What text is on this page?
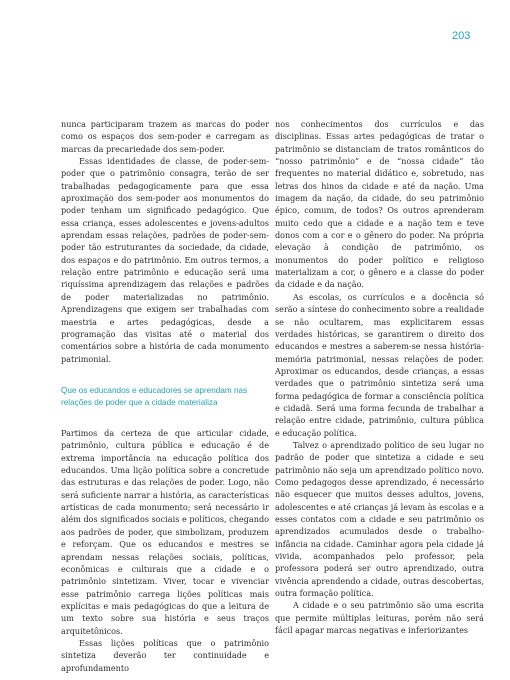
203

nunca participaram trazem as marcas do poder como os espaços dos sem-poder e carregam as marcas da precariedade dos sem-poder.

Essas identidades de classe, de poder-sem-poder que o patrimônio consagra, terão de ser trabalhadas pedagogicamente para que essa aproximação dos sem-poder aos monumentos do poder tenham um significado pedagógico. Que essa criança, esses adolescentes e jovens-adultos aprendam essas relações, padrões de poder-sem-poder tão estruturantes da sociedade, da cidade, dos espaços e do patrimônio. Em outros termos, a relação entre patrimônio e educação será uma riquíssima aprendizagem das relações e padrões de poder materializadas no patrimônio. Aprendizagens que exigem ser trabalhadas com maestria e artes pedagógicas, desde a programação das visitas até o material dos comentários sobre a história de cada monumento patrimonial.

Que os educandos e educadores se aprendam nas relações de poder que a cidade materializa

Partimos da certeza de que articular cidade, patrimônio, cultura pública e educação é de extrema importância na educação política dos educandos. Uma lição política sobre a concretude das estruturas e das relações de poder. Logo, não será suficiente narrar a história, as características artísticas de cada monumento; será necessário ir além dos significados sociais e políticos, chegando aos padrões de poder, que simbolizam, produzem e reforçam. Que os educandos e mestres se aprendam nessas relações sociais, políticas, econômicas e culturais que a cidade e o patrimônio sintetizam. Viver, tocar e vivenciar esse patrimônio carrega lições políticas mais explícitas e mais pedagógicas do que a leitura de um texto sobre sua história e seus traços arquitetônicos.

Essas lições políticas que o patrimônio sintetiza deverão ter continuidade e aprofundamento

nos conhecimentos dos currículos e das disciplinas. Essas artes pedagógicas de tratar o patrimônio se distanciam de tratos românticos do “nosso patrimônio” e de “nossa cidade” tão frequentes no material didático e, sobretudo, nas letras dos hinos da cidade e até da nação. Uma imagem da nação, da cidade, do seu patrimônio épico, comum, de todos? Os outros aprenderam muito cedo que a cidade e a nação tem e teve donos com a cor e o gênero do poder. Na própria elevação à condição de patrimônio, os monumentos do poder político e religioso materializam a cor, o gênero e a classe do poder da cidade e da nação.

As escolas, os currículos e a docência só serão a síntese do conhecimento sobre a realidade se não ocultarem, mas explicitarem essas verdades históricas, se garantirem o direito dos educandos e mestres a saberem-se nessa história-memória patrimonial, nessas relações de poder. Aproximar os educandos, desde crianças, a essas verdades que o patrimônio sintetiza será uma forma pedagógica de formar a consciência política e cidadã. Será uma forma fecunda de trabalhar a relação entre cidade, patrimônio, cultura pública e educação política.

Talvez o aprendizado político de seu lugar no padrão de poder que sintetiza a cidade e seu patrimônio não seja um aprendizado político novo. Como pedagogos desse aprendizado, é necessário não esquecer que muitos desses adultos, jovens, adolescentes e até crianças já levam às escolas e a esses contatos com a cidade e seu patrimônio os aprendizados acumulados desde o trabalho-infância na cidade. Caminhar agora pela cidade já vivida, acompanhados pelo professor, pela professora poderá ser outro aprendizado, outra vivência aprendendo a cidade, outras descobertas, outra formação política.

A cidade e o seu patrimônio são uma escrita que permite múltiplas leituras, porém não será fácil apagar marcas negativas e inferiorizantes
